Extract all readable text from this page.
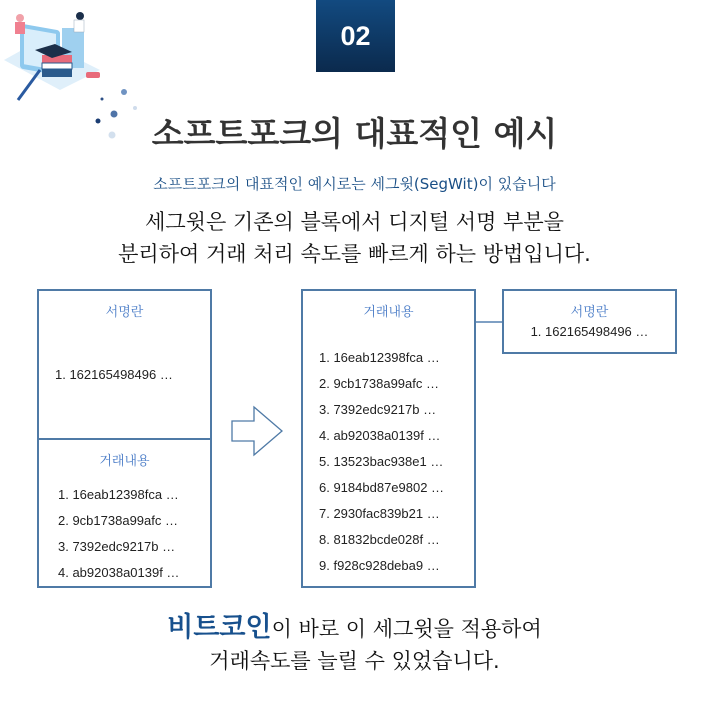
02
소프트포크의 대표적인 예시
소프트포크의 대표적인 예시로는 세그윗(SegWit)이 있습니다
세그윗은 기존의 블록에서 디지털 서명 부분을
분리하여 거래 처리 속도를 빠르게 하는 방법입니다.
서명란
1. 162165498496 …
거래내용
1. 16eab12398fca …
2. 9cb1738a99afc …
3. 7392edc9217b …
4. ab92038a0139f …
거래내용
1. 16eab12398fca …
2. 9cb1738a99afc …
3. 7392edc9217b …
4. ab92038a0139f …
5. 13523bac938e1 …
6. 9184bd87e9802 …
7. 2930fac839b21 …
8. 81832bcde028f …
9. f928c928deba9 …
서명란
1. 162165498496 …
비트코인이 바로 이 세그윗을 적용하여
거래속도를 늘릴 수 있었습니다.
